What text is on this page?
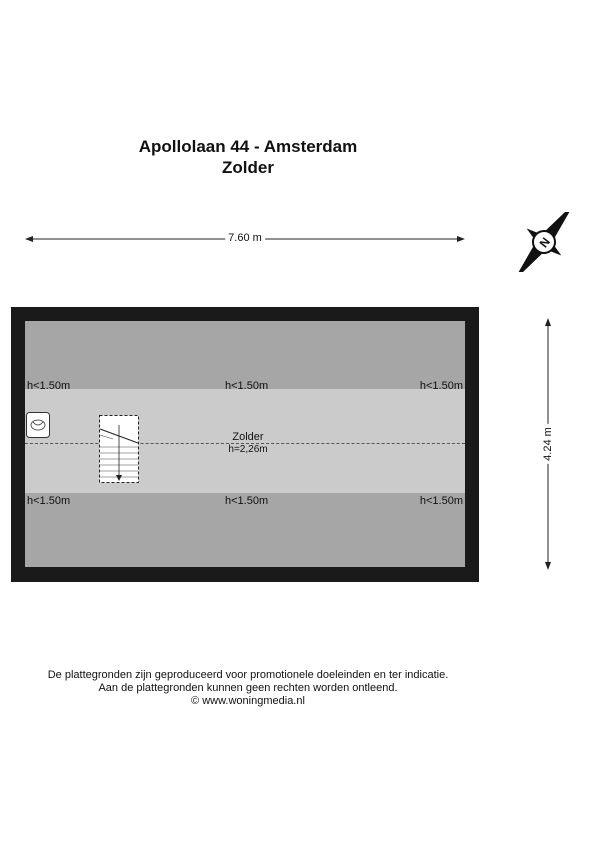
Apollolaan 44 - Amsterdam
Zolder
7.60 m
4.24 m
N
h<1.50m	h<1.50m	h<1.50m
h<1.50m	h<1.50m	h<1.50m
Zolder
h=2,26m
De plattegronden zijn geproduceerd voor promotionele doeleinden en ter indicatie.
Aan de plattegronden kunnen geen rechten worden ontleend.
© www.woningmedia.nl
